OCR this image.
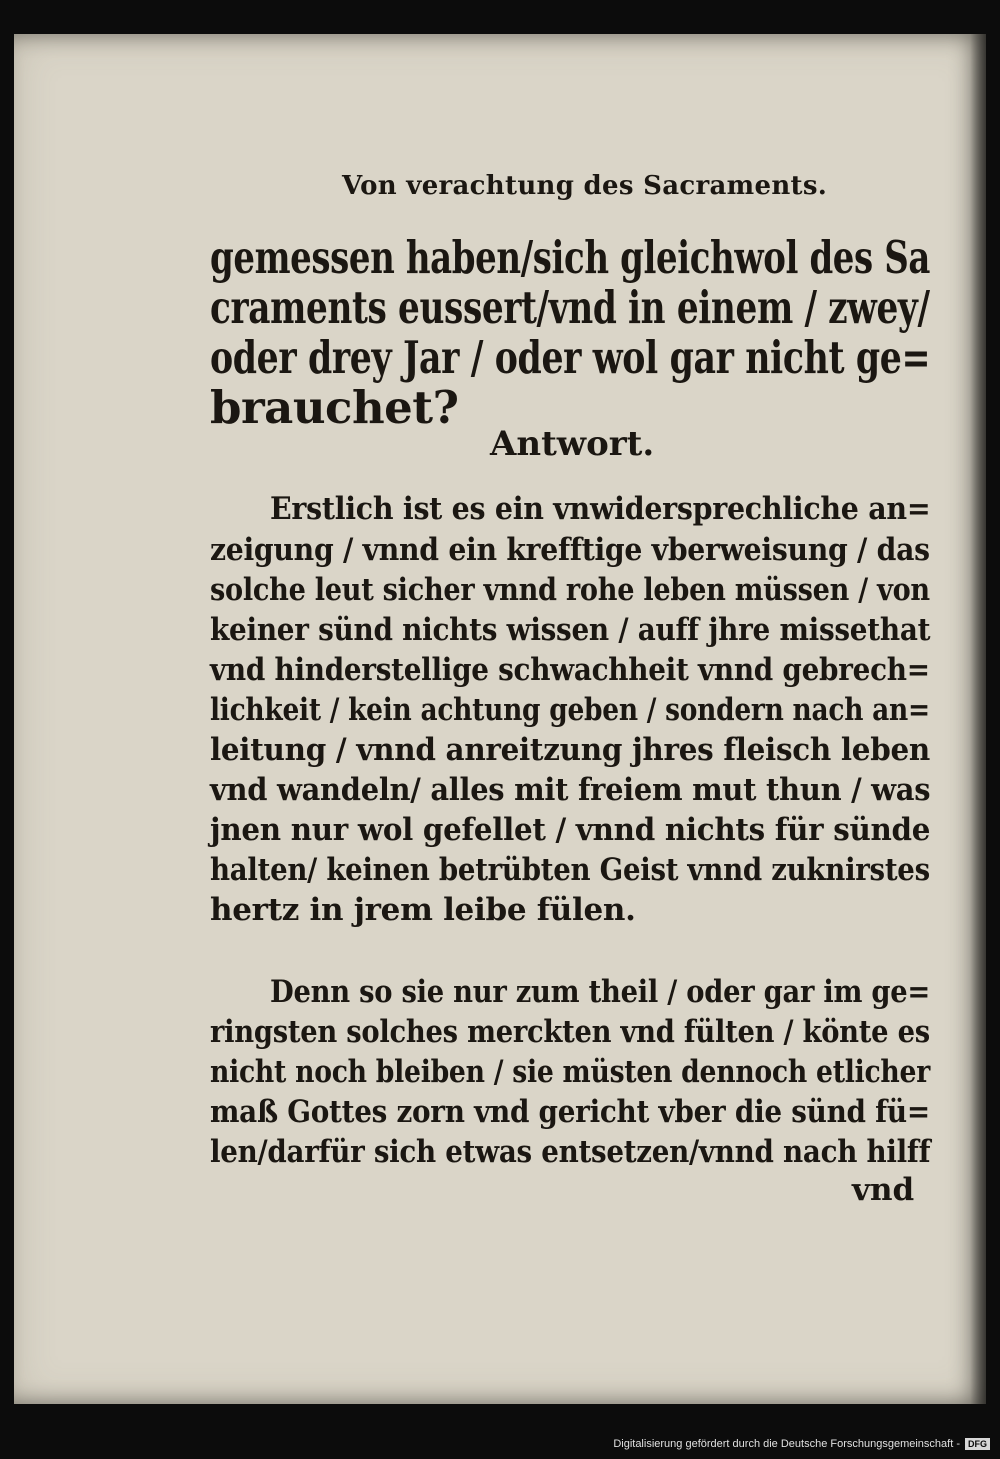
Von verachtung des Sacraments.

gemessen haben/sich gleichwol des Sa

craments eussert/vnd in einem / zwey/

oder drey Jar / oder wol gar nicht ge=

brauchet?

Antwort.

Erstlich ist es ein vnwidersprechliche an=

zeigung / vnnd ein krefftige vberweisung / das

solche leut sicher vnnd rohe leben müssen / von

keiner sünd nichts wissen / auff jhre missethat

vnd hinderstellige schwachheit vnnd gebrech=

lichkeit / kein achtung geben / sondern nach an=

leitung / vnnd anreitzung jhres fleisch leben

vnd wandeln/ alles mit freiem mut thun / was

jnen nur wol gefellet / vnnd nichts für sünde

halten/ keinen betrübten Geist vnnd zuknirstes

hertz in jrem leibe fülen.

Denn so sie nur zum theil / oder gar im ge=

ringsten solches merckten vnd fülten / könte es

nicht noch bleiben / sie müsten dennoch etlicher

maß Gottes zorn vnd gericht vber die sünd fü=

len/darfür sich etwas entsetzen/vnnd nach hilff

vnd

Digitalisierung gefördert durch die Deutsche Forschungsgemeinschaft - DFG
